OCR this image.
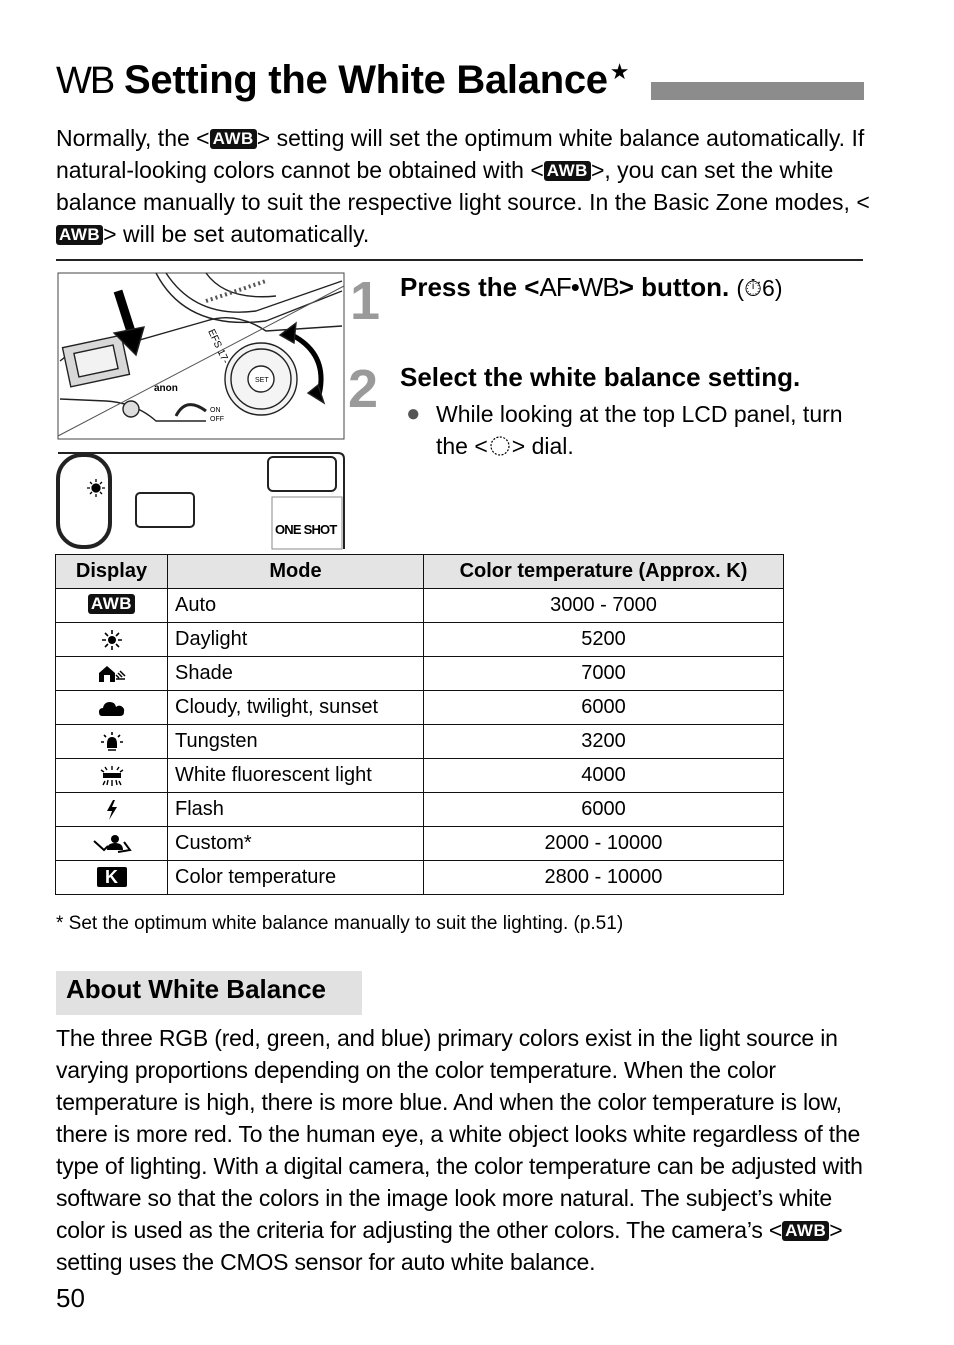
WB Setting the White Balance★
Normally, the < AWB > setting will set the optimum white balance automatically. If natural-looking colors cannot be obtained with < AWB >, you can set the white balance manually to suit the respective light source. In the Basic Zone modes, <AWB > will be set automatically.
EFS 17-
anon
SET
ON
OFF
ONE SHOT
1 Press the <AF•WB> button. (⏱6)
2 Select the white balance setting.
● While looking at the top LCD panel, turn the < > dial.
Display	Mode	Color temperature (Approx. K)
AWB	Auto	3000 - 7000
	Daylight	5200
	Shade	7000
	Cloudy, twilight, sunset	6000
	Tungsten	3200
	White fluorescent light	4000
	Flash	6000
	Custom*	2000 - 10000
K	Color temperature	2800 - 10000
* Set the optimum white balance manually to suit the lighting. (p.51)
About White Balance
The three RGB (red, green, and blue) primary colors exist in the light source in varying proportions depending on the color temperature. When the color temperature is high, there is more blue. And when the color temperature is low, there is more red. To the human eye, a white object looks white regardless of the type of lighting. With a digital camera, the color temperature can be adjusted with software so that the colors in the image look more natural. The subject’s white color is used as the criteria for adjusting the other colors. The camera’s < AWB > setting uses the CMOS sensor for auto white balance.
50
